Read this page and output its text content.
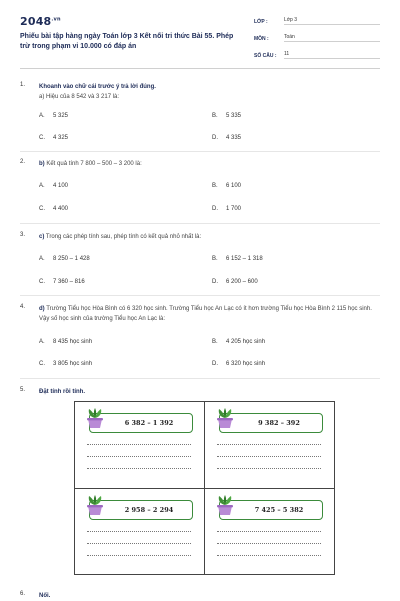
$2048^{.vn}$
Phiếu bài tập hàng ngày Toán lớp 3 Kết nối tri thức Bài 55. Phép trừ trong phạm vi 10.000 có đáp án
LỚP :	Lớp 3
MÔN :	Toán
SỐ CÂU :	11
1. Khoanh vào chữ cái trước ý trả lời đúng.
a) Hiệu của 8 542 và 3 217 là:
A. 5 325	B. 5 335
C. 4 325	D. 4 335
2. b) Kết quả tính 7 800 – 500 – 3 200 là:
A. 4 100	B. 6 100
C. 4 400	D. 1 700
3. c) Trong các phép tính sau, phép tính có kết quả nhỏ nhất là:
A. 8 250 – 1 428	B. 6 152 – 1 318
C. 7 360 – 816	D. 6 200 – 600
4. d) Trường Tiểu học Hòa Bình có 6 320 học sinh. Trường Tiểu học An Lạc có ít hơn trường Tiểu học Hòa Bình 2 115 học sinh. Vậy số học sinh của trường Tiểu học An Lạc là:
A. 8 435 học sinh	B. 4 205 học sinh
C. 3 805 học sinh	D. 6 320 học sinh
5. Đặt tính rồi tính.
6 382 – 1 392	9 382 – 392
2 958 – 2 294	7 425 – 5 382
6. Nối.
